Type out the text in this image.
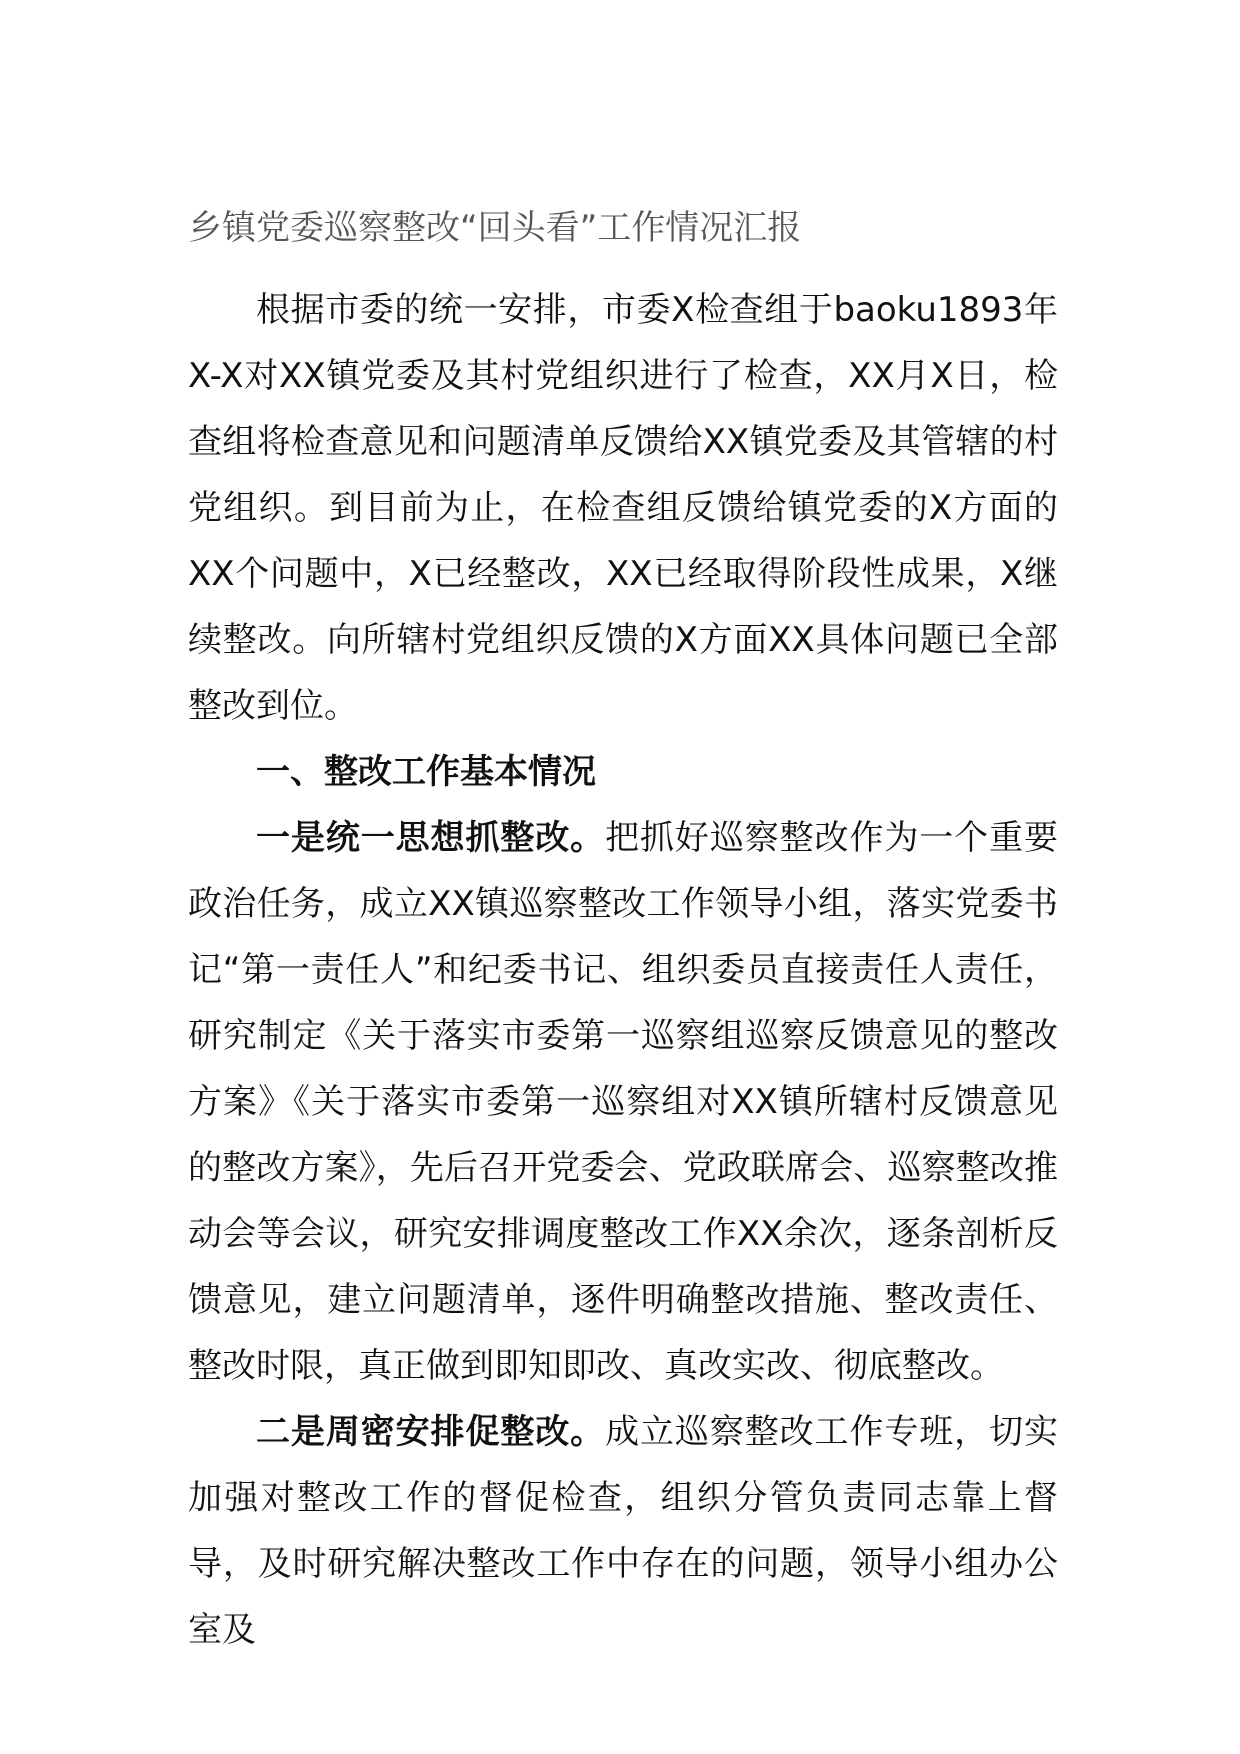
乡镇党委巡察整改“回头看”工作情况汇报

根据市委的统一安排，市委X检查组于baoku1893年X-X对XX镇党委及其村党组织进行了检查，XX月X日，检查组将检查意见和问题清单反馈给XX镇党委及其管辖的村党组织。到目前为止，在检查组反馈给镇党委的X方面的XX个问题中，X已经整改，XX已经取得阶段性成果，X继续整改。向所辖村党组织反馈的X方面XX具体问题已全部整改到位。

一、整改工作基本情况

一是统一思想抓整改。把抓好巡察整改作为一个重要政治任务，成立XX镇巡察整改工作领导小组，落实党委书记“第一责任人”和纪委书记、组织委员直接责任人责任，研究制定《关于落实市委第一巡察组巡察反馈意见的整改方案》《关于落实市委第一巡察组对XX镇所辖村反馈意见的整改方案》，先后召开党委会、党政联席会、巡察整改推动会等会议，研究安排调度整改工作XX余次，逐条剖析反馈意见，建立问题清单，逐件明确整改措施、整改责任、整改时限，真正做到即知即改、真改实改、彻底整改。

二是周密安排促整改。成立巡察整改工作专班，切实加强对整改工作的督促检查，组织分管负责同志靠上督导，及时研究解决整改工作中存在的问题，领导小组办公室及
